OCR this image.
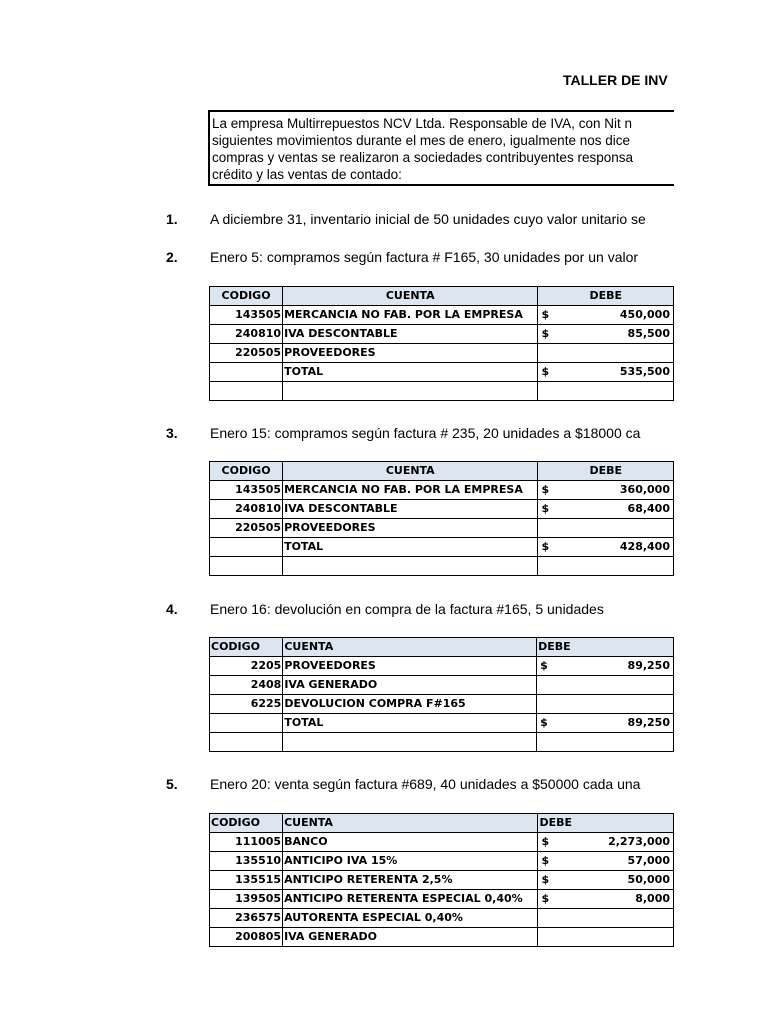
TALLER DE INV
La empresa Multirrepuestos NCV Ltda. Responsable de IVA, con Nit n
siguientes movimientos durante el mes de enero, igualmente nos dice
compras y ventas se realizaron a sociedades contribuyentes responsa
crédito y las ventas de contado:
1. A diciembre 31, inventario inicial de 50 unidades cuyo valor unitario se
2. Enero 5: compramos según factura # F165, 30 unidades por un valor
CODIGO	CUENTA	DEBE
143505	MERCANCIA NO FAB. POR LA EMPRESA	$ 450,000

240810	IVA DESCONTABLE	$ 85,500

220505	PROVEEDORES	

	TOTAL	$ 535,500

3. Enero 15: compramos según factura # 235, 20 unidades a $18000 ca
CODIGO	CUENTA	DEBE
143505	MERCANCIA NO FAB. POR LA EMPRESA	$ 360,000

240810	IVA DESCONTABLE	$ 68,400

220505	PROVEEDORES	

	TOTAL	$ 428,400

4. Enero 16: devolución en compra de la factura #165, 5 unidades
CODIGO	CUENTA	DEBE
2205	PROVEEDORES	$ 89,250

2408	IVA GENERADO	

6225	DEVOLUCION COMPRA F#165	

	TOTAL	$ 89,250

5. Enero 20: venta según factura #689, 40 unidades a $50000 cada una
CODIGO	CUENTA	DEBE
111005	BANCO	$ 2,273,000

135510	ANTICIPO IVA 15%	$ 57,000

135515	ANTICIPO RETERENTA 2,5%	$ 50,000

139505	ANTICIPO RETERENTA ESPECIAL 0,40%	$ 8,000

236575	AUTORENTA ESPECIAL 0,40%	

200805	IVA GENERADO	
